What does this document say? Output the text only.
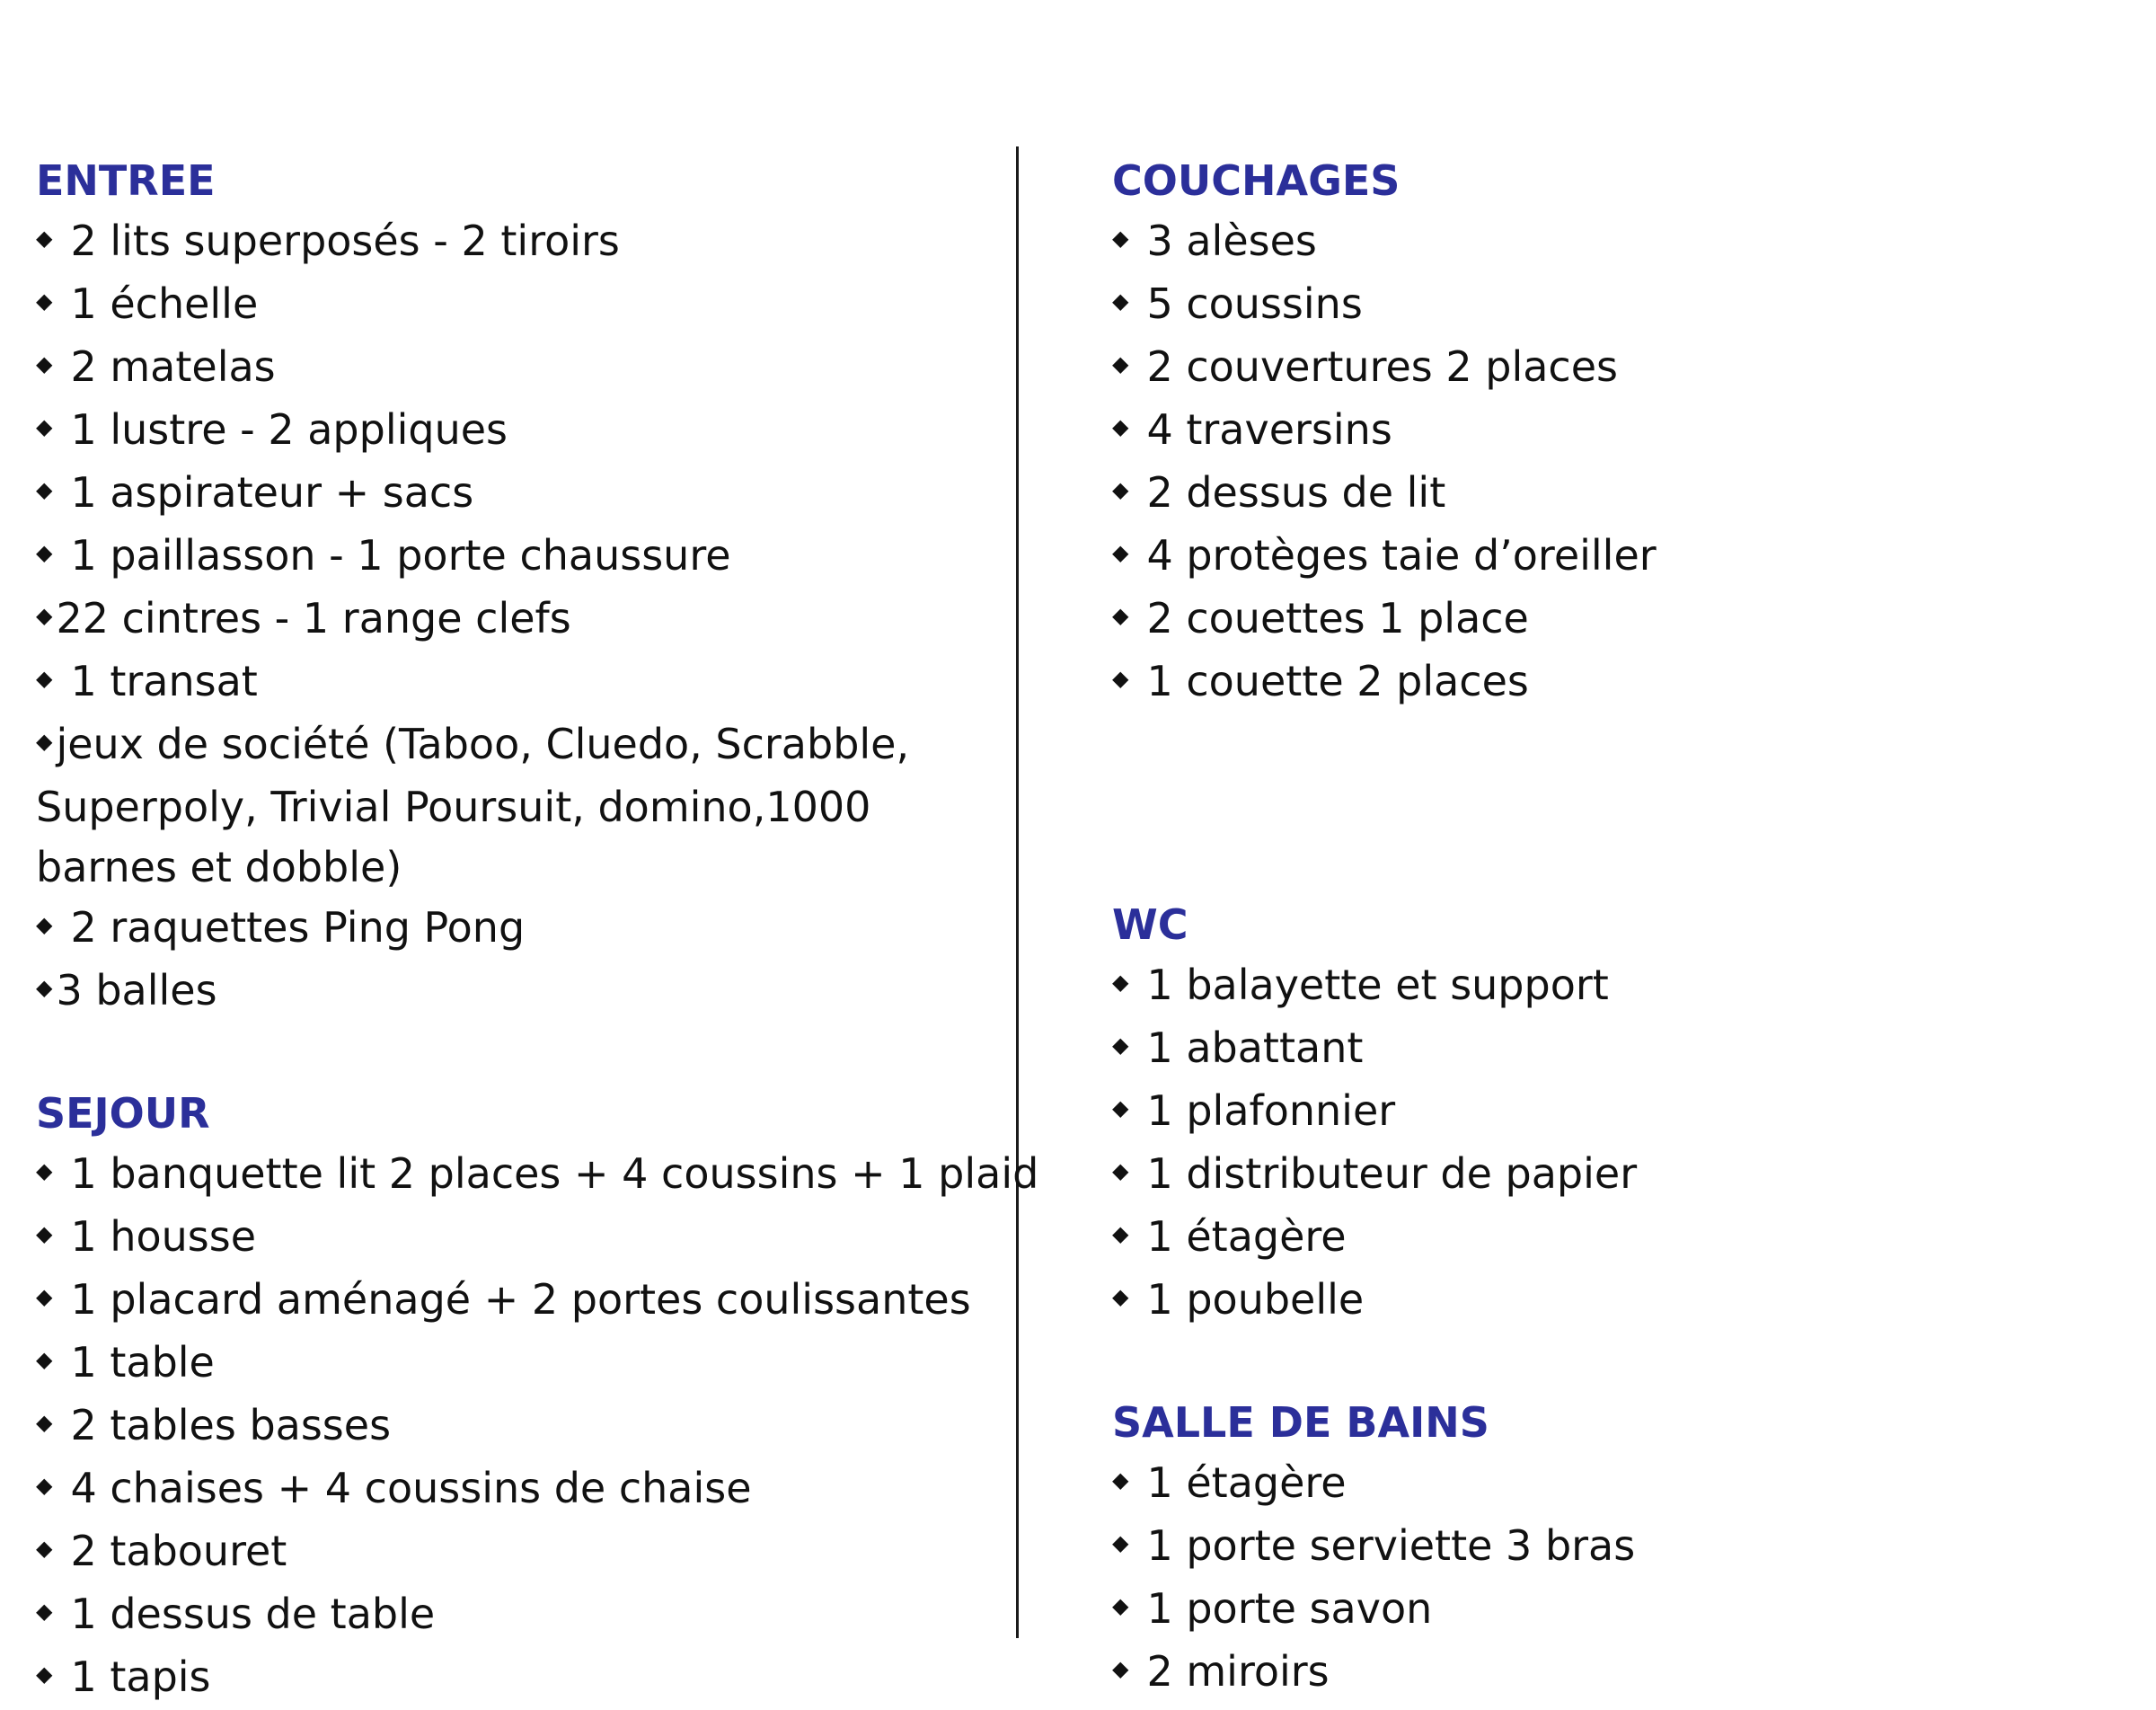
ENTREE
◆ 2 lits superposés - 2 tiroirs
◆ 1 échelle
◆ 2 matelas
◆ 1 lustre - 2 appliques
◆ 1 aspirateur + sacs
◆ 1 paillasson - 1 porte chaussure
◆22 cintres - 1 range clefs
◆ 1 transat
◆jeux de société (Taboo, Cluedo, Scrabble, Superpoly, Trivial Poursuit, domino,1000 barnes et dobble)
◆ 2 raquettes Ping Pong
◆3 balles
SEJOUR
◆ 1 banquette lit 2 places + 4 coussins + 1 plaid
◆ 1 housse
◆ 1 placard aménagé + 2 portes coulissantes
◆ 1 table
◆ 2 tables basses
◆ 4 chaises + 4 coussins de chaise
◆ 2 tabouret
◆ 1 dessus de table
◆ 1 tapis
COUCHAGES
◆ 3 alèses
◆ 5 coussins
◆ 2 couvertures 2 places
◆ 4 traversins
◆ 2 dessus de lit
◆ 4 protèges taie d’oreiller
◆ 2 couettes 1 place
◆ 1 couette 2 places
WC
◆ 1 balayette et support
◆ 1 abattant
◆ 1 plafonnier
◆ 1 distributeur de papier
◆ 1 étagère
◆ 1 poubelle
SALLE DE BAINS
◆ 1 étagère
◆ 1 porte serviette 3 bras
◆ 1 porte savon
◆ 2 miroirs
